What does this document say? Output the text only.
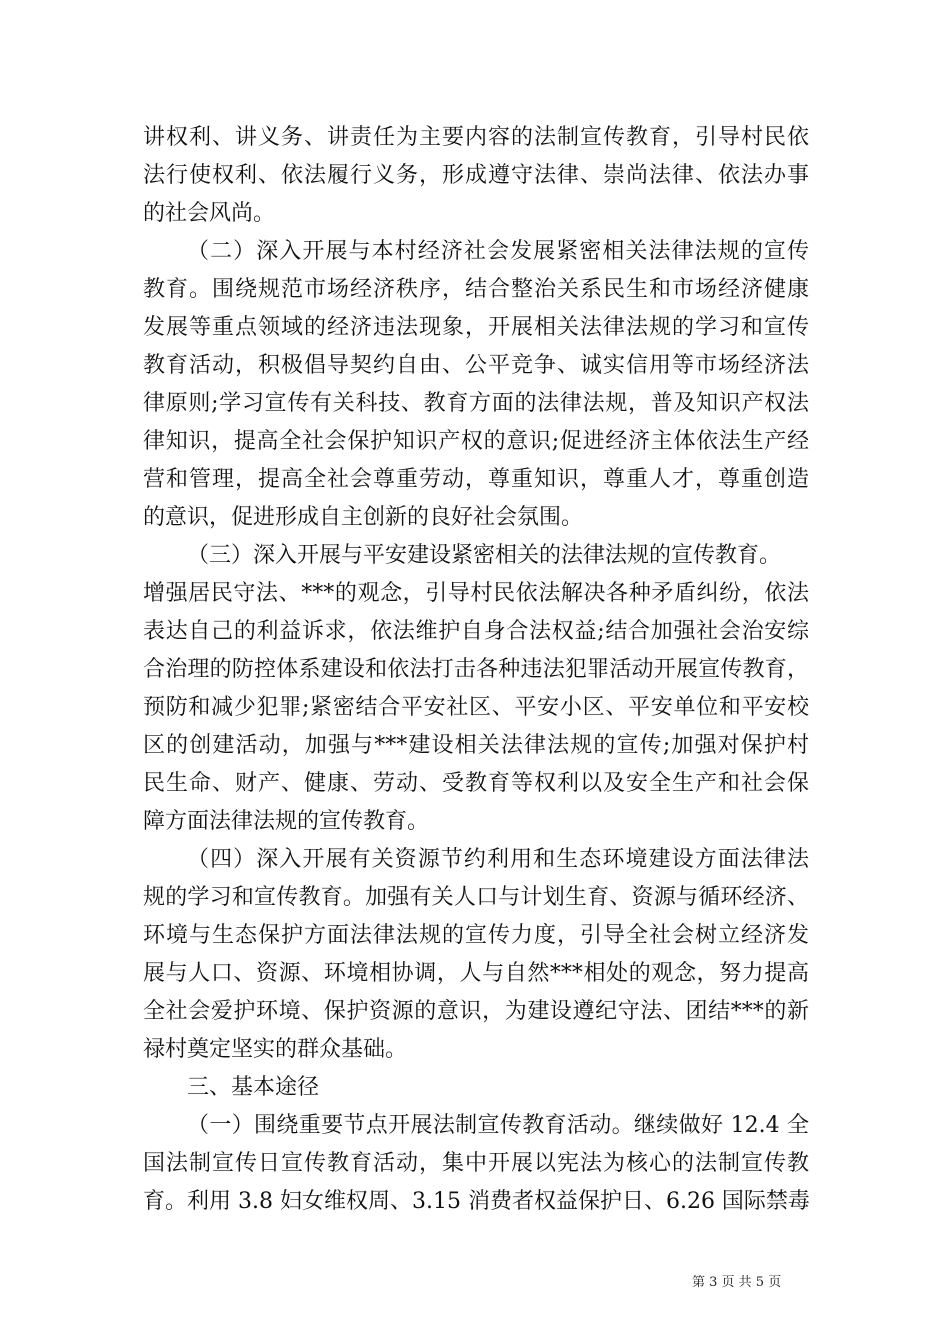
讲权利、讲义务、讲责任为主要内容的法制宣传教育，引导村民依
法行使权利、依法履行义务，形成遵守法律、崇尚法律、依法办事
的社会风尚。
（二）深入开展与本村经济社会发展紧密相关法律法规的宣传
教育。围绕规范市场经济秩序，结合整治关系民生和市场经济健康
发展等重点领域的经济违法现象，开展相关法律法规的学习和宣传
教育活动，积极倡导契约自由、公平竞争、诚实信用等市场经济法
律原则;学习宣传有关科技、教育方面的法律法规，普及知识产权法
律知识，提高全社会保护知识产权的意识;促进经济主体依法生产经
营和管理，提高全社会尊重劳动，尊重知识，尊重人才，尊重创造
的意识，促进形成自主创新的良好社会氛围。
（三）深入开展与平安建设紧密相关的法律法规的宣传教育。
增强居民守法、***的观念，引导村民依法解决各种矛盾纠纷，依法
表达自己的利益诉求，依法维护自身合法权益;结合加强社会治安综
合治理的防控体系建设和依法打击各种违法犯罪活动开展宣传教育，
预防和减少犯罪;紧密结合平安社区、平安小区、平安单位和平安校
区的创建活动，加强与***建设相关法律法规的宣传;加强对保护村
民生命、财产、健康、劳动、受教育等权利以及安全生产和社会保
障方面法律法规的宣传教育。
（四）深入开展有关资源节约利用和生态环境建设方面法律法
规的学习和宣传教育。加强有关人口与计划生育、资源与循环经济、
环境与生态保护方面法律法规的宣传力度，引导全社会树立经济发
展与人口、资源、环境相协调，人与自然***相处的观念，努力提高
全社会爱护环境、保护资源的意识，为建设遵纪守法、团结***的新
禄村奠定坚实的群众基础。
三、基本途径
（一）围绕重要节点开展法制宣传教育活动。继续做好 12.4 全
国法制宣传日宣传教育活动，集中开展以宪法为核心的法制宣传教
育。利用 3.8 妇女维权周、3.15 消费者权益保护日、6.26 国际禁毒
第 3 页 共 5 页
